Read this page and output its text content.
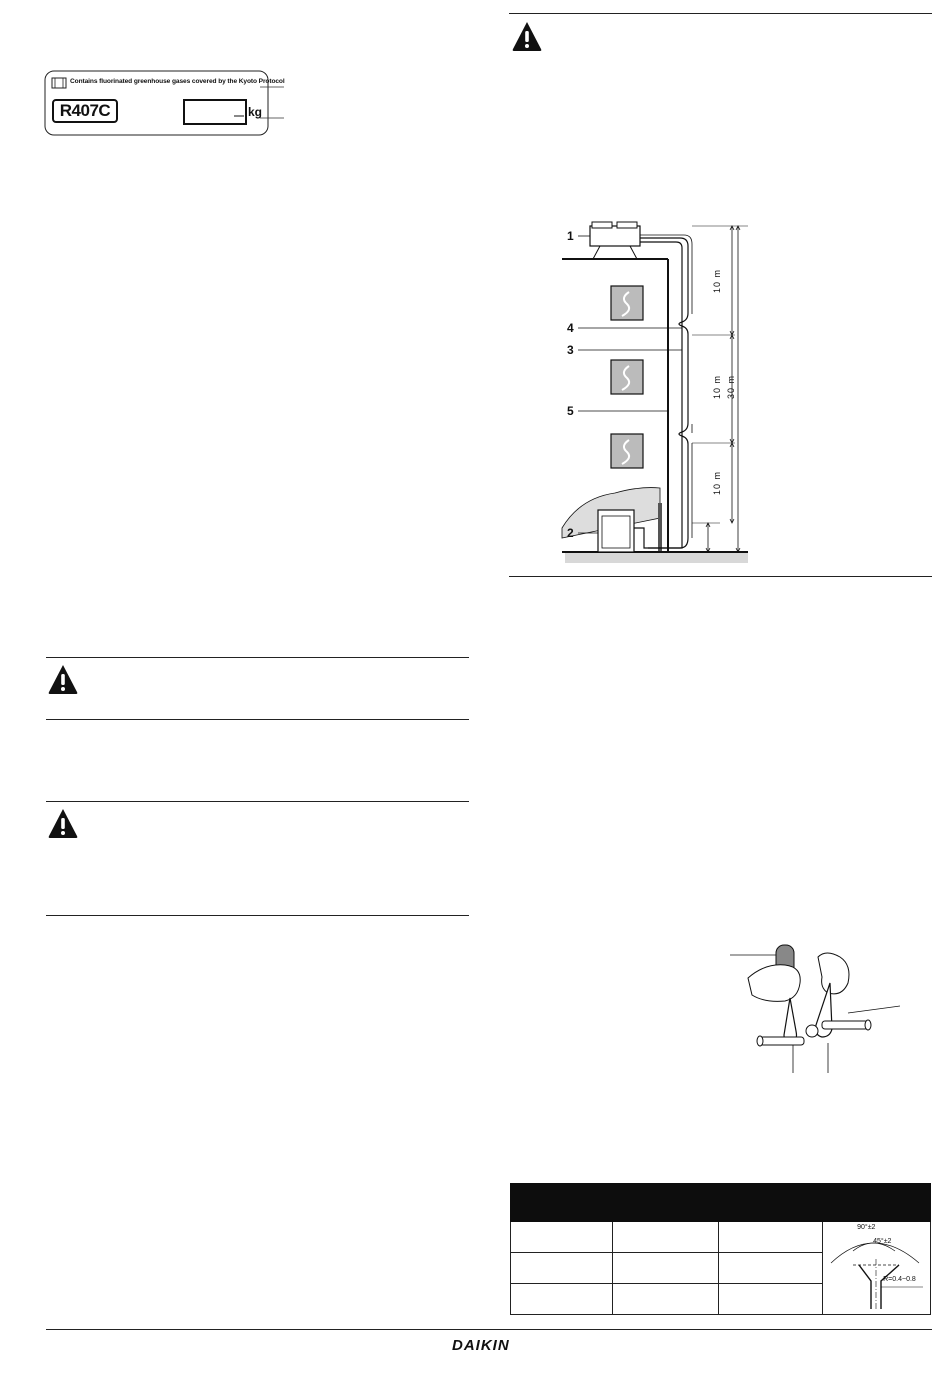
Contains fluorinated greenhouse gases covered by the Kyoto Protocol
R407C	kg
1
4
3
5
2
10 m
10 m
10 m
30 m

			90°±2
45°±2
R=0.4~0.8

DAIKIN
